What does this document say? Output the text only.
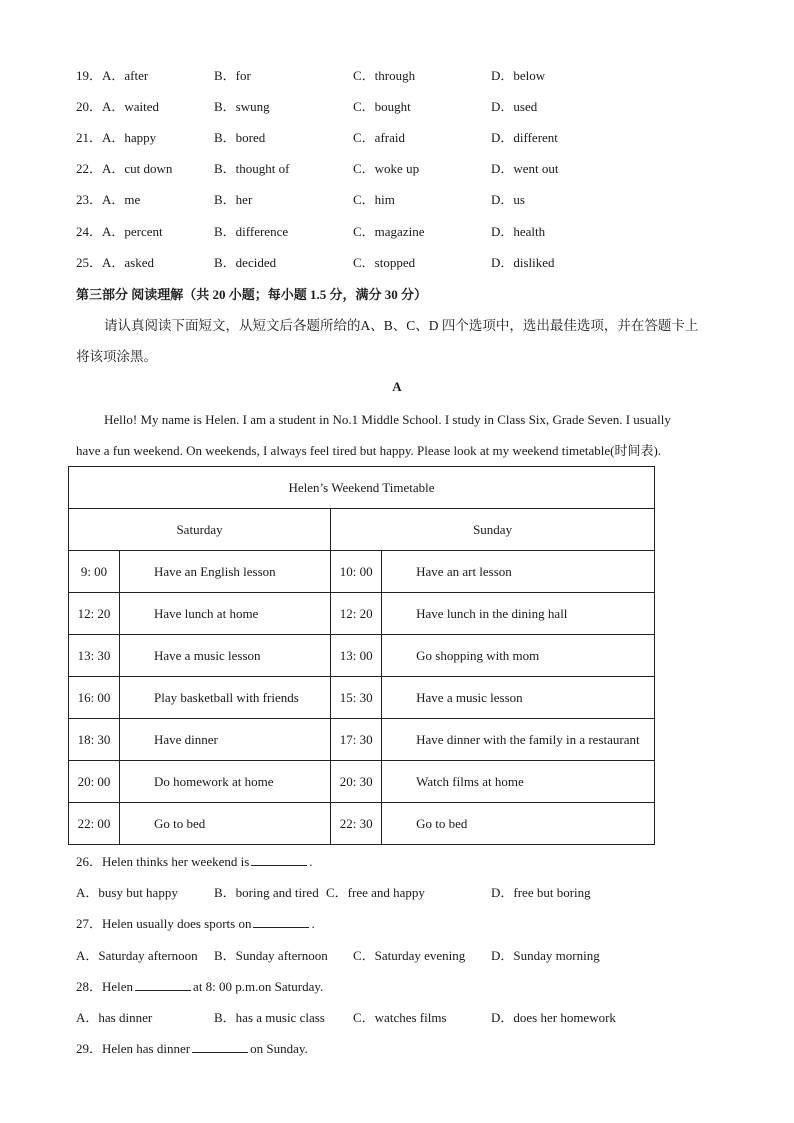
19．A．after	B．for	C．through	D．below
20．A．waited	B．swung	C．bought	D．used
21．A．happy	B．bored	C．afraid	D．different
22．A．cut down	B．thought of	C．woke up	D．went out
23．A．me	B．her	C．him	D．us
24．A．percent	B．difference	C．magazine	D．health
25．A．asked	B．decided	C．stopped	D．disliked
第三部分 阅读理解（共 20 小题；每小题 1.5 分，满分 30 分）
请认真阅读下面短文，从短文后各题所给的A、B、C、D 四个选项中，选出最佳选项，并在答题卡上
将该项涂黑。
A
Hello! My name is Helen. I am a student in No.1 Middle School. I study in Class Six, Grade Seven. I usually
have a fun weekend. On weekends, I always feel tired but happy. Please look at my weekend timetable(时间表).
Helen’s Weekend Timetable			
Saturday		Sunday	
9: 00	Have an English lesson	10: 00	Have an art lesson
12: 20	Have lunch at home	12: 20	Have lunch in the dining hall
13: 30	Have a music lesson	13: 00	Go shopping with mom
16: 00	Play basketball with friends	15: 30	Have a music lesson
18: 30	Have dinner	17: 30	Have dinner with the family in a restaurant
20: 00	Do homework at home	20: 30	Watch films at home
22: 00	Go to bed	22: 30	Go to bed
26．Helen thinks her weekend is	.
A．busy but happy	B．boring and tired C．free and happy	D．free but boring
27．Helen usually does sports on	.
A．Saturday afternoon B．Sunday afternoon C．Saturday evening D．Sunday morning
28．Helen	at 8: 00 p.m.on Saturday.
A．has dinner	B．has a music class C．watches films	D．does her homework
29．Helen has dinner	on Sunday.
